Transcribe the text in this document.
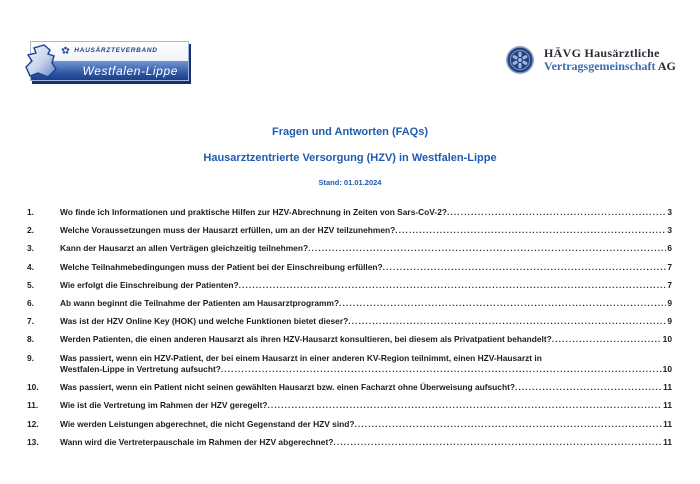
HAUSÄRZTEVERBAND
Westfalen-Lippe
HÄVG Hausärztliche
Vertragsgemeinschaft AG
Fragen und Antworten (FAQs)
Hausarztzentrierte Versorgung (HZV) in Westfalen-Lippe
Stand: 01.01.2024
1.	Wo finde ich Informationen und praktische Hilfen zur HZV-Abrechnung in Zeiten von Sars-CoV-2? .....	3
2.	Welche Voraussetzungen muss der Hausarzt erfüllen, um an der HZV teilzunehmen? .....	3
3.	Kann der Hausarzt an allen Verträgen gleichzeitig teilnehmen? .....	6
4.	Welche Teilnahmebedingungen muss der Patient bei der Einschreibung erfüllen? .....	7
5.	Wie erfolgt die Einschreibung der Patienten? .....	7
6.	Ab wann beginnt die Teilnahme der Patienten am Hausarztprogramm? .....	9
7.	Was ist der HZV Online Key (HOK) und welche Funktionen bietet dieser? .....	9
8.	Werden Patienten, die einen anderen Hausarzt als ihren HZV-Hausarzt konsultieren, bei diesem als Privatpatient behandelt? .....	10
9.	Was passiert, wenn ein HZV-Patient, der bei einem Hausarzt in einer anderen KV-Region teilnimmt, einen HZV-Hausarzt in
Westfalen-Lippe in Vertretung aufsucht? .....	10
10.	Was passiert, wenn ein Patient nicht seinen gewählten Hausarzt bzw. einen Facharzt ohne Überweisung aufsucht? .....	11
11.	Wie ist die Vertretung im Rahmen der HZV geregelt? .....	11
12.	Wie werden Leistungen abgerechnet, die nicht Gegenstand der HZV sind? .....	11
13.	Wann wird die Vertreterpauschale im Rahmen der HZV abgerechnet? .....	11
